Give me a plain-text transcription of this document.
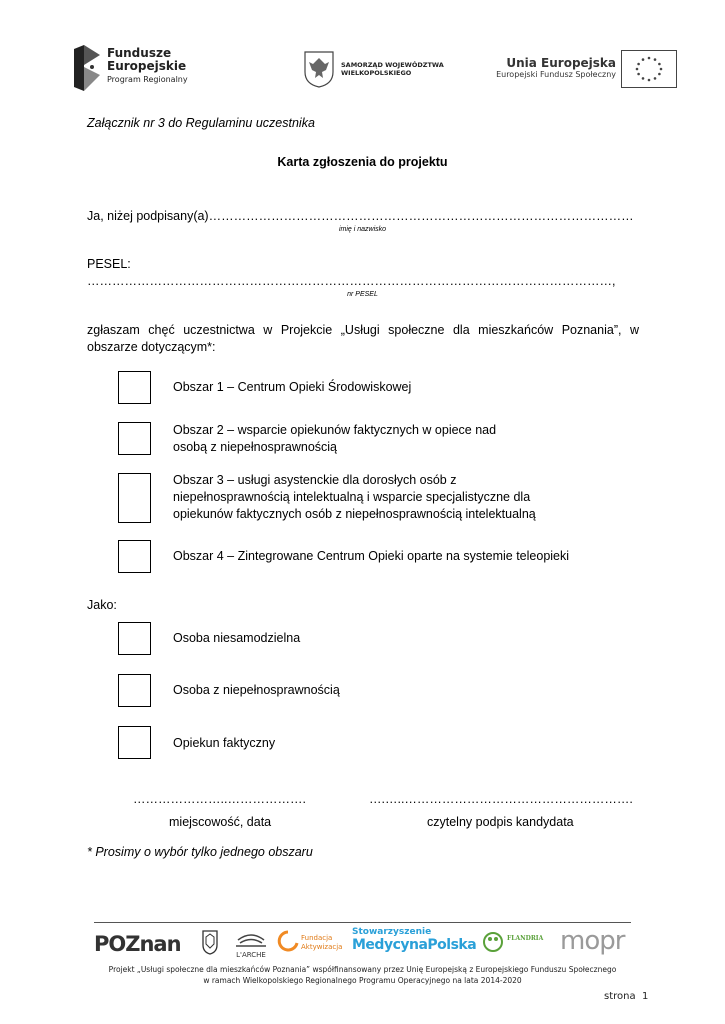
Fundusze
Europejskie
Program Regionalny
SAMORZĄD WOJEWÓDZTWA
WIELKOPOLSKIEGO
Unia Europejska
Europejski Fundusz Społeczny
Załącznik nr 3 do Regulaminu uczestnika
Karta zgłoszenia do projektu
Ja, niżej podpisany(a)…………………………………………………………………………………………
imię i nazwisko
PESEL:
………………………………………………………………………………………………………………,
nr PESEL
zgłaszam chęć uczestnictwa w Projekcie „Usługi społeczne dla mieszkańców Poznania”, w obszarze dotyczącym*:
Obszar 1 – Centrum Opieki Środowiskowej
Obszar 2 – wsparcie opiekunów faktycznych w opiece nad osobą z niepełnosprawnością
Obszar 3 – usługi asystenckie dla dorosłych osób z niepełnosprawnością intelektualną i wsparcie specjalistyczne dla opiekunów faktycznych osób z niepełnosprawnością intelektualną
Obszar 4 – Zintegrowane Centrum Opieki oparte na systemie teleopieki
Jako:
Osoba niesamodzielna
Osoba z niepełnosprawnością
Opiekun faktyczny
…………………..……………….	….…..……………………………………………….
miejscowość, data	czytelny podpis kandydata
* Prosimy o wybór tylko jednego obszaru
POZnan	L'ARCHE
Fundacja
Aktywizacja
Stowarzyszenie
MedycynaPolska	FLANDRIA mopr
Projekt „Usługi społeczne dla mieszkańców Poznania” współfinansowany przez Unię Europejską z Europejskiego Funduszu Społecznego
w ramach Wielkopolskiego Regionalnego Programu Operacyjnego na lata 2014-2020
strona  1
